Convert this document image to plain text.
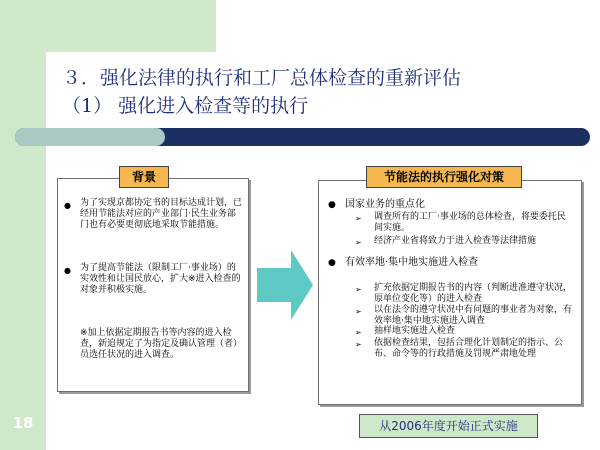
18
３．强化法律的执行和工厂总体检查的重新评估
（1） 强化进入检查等的执行
背景
● 为了实现京都协定书的目标达成计划，已经用节能法对应的产业部门·民生业务部门也有必要更彻底地采取节能措施。
● 为了提高节能法（限制工厂·事业场）的实效性和让国民放心，扩大※进入检查的对象并积极实施。
※加上依据定期报告书等内容的进入检查，新追规定了为指定及确认管理（者）员选任状况的进入调查。
节能法的执行强化对策
● 国家业务的重点化
➢ 调查所有的工厂·事业场的总体检查，将要委托民间实施。
➢ 经济产业省将致力于进入检查等法律措施
● 有效率地·集中地实施进入检查
➢ 扩充依据定期报告书的内容（判断进准遵守状况，原单位变化等）的进入检查
➢ 以在法令的遵守状况中有问题的事业者为对象，有效率地·集中地实施进入调查
➢ 抽样地实施进入检查
➢ 依据检查结果，包括合理化计划制定的指示、公布、命令等的行政措施及罚规严肃地处理
从2006年度开始正式实施
